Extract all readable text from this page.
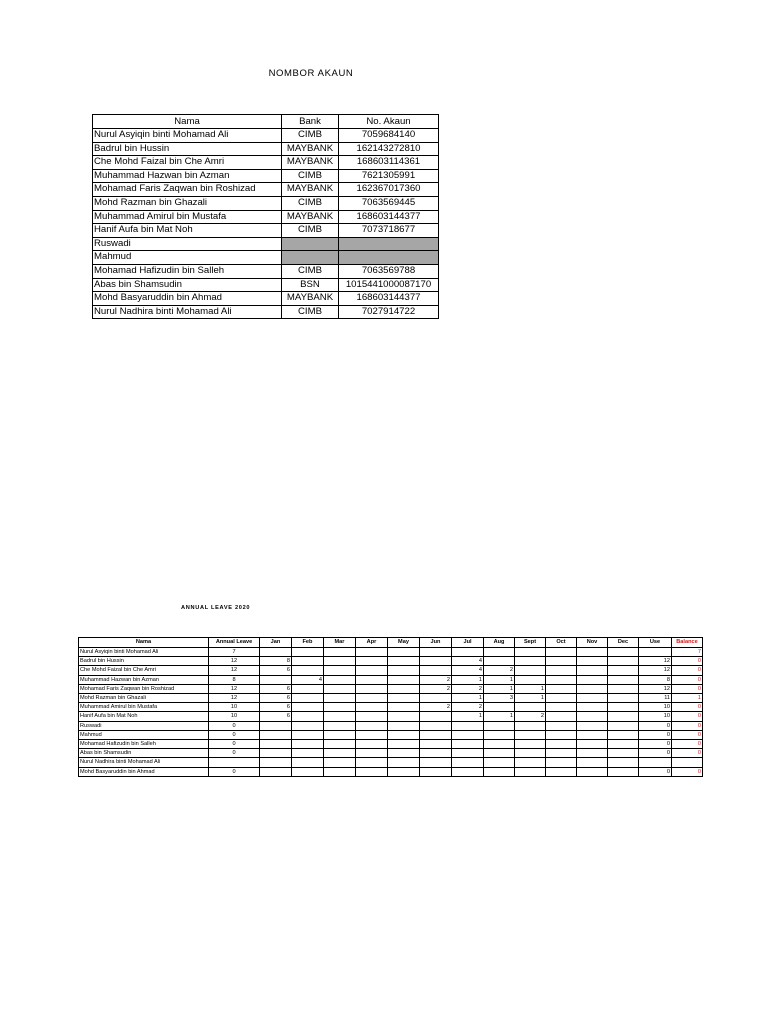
NOMBOR AKAUN
Nama	Bank	No. Akaun
Nurul Asyiqin binti Mohamad Ali	CIMB	7059684140
Badrul bin Hussin	MAYBANK	162143272810
Che Mohd Faizal bin Che Amri	MAYBANK	168603114361
Muhammad Hazwan bin Azman	CIMB	7621305991
Mohamad Faris Zaqwan bin Roshizad	MAYBANK	162367017360
Mohd Razman bin Ghazali	CIMB	7063569445
Muhammad Amirul bin Mustafa	MAYBANK	168603144377
Hanif Aufa bin Mat Noh	CIMB	7073718677
Ruswadi		
Mahmud		
Mohamad Hafizudin bin Salleh	CIMB	7063569788
Abas bin Shamsudin	BSN	1015441000087170
Mohd Basyaruddin bin Ahmad	MAYBANK	168603144377
Nurul Nadhira binti Mohamad Ali	CIMB	7027914722
ANNUAL LEAVE 2020
Nama	Annual Leave	Jan	Feb	Mar	Apr	May	Jun	Jul	Aug	Sept	Oct	Nov	Dec	Use	Balance
Nurul Asyiqin binti Mohamad Ali	7														7
Badrul bin Hussin	12	8						4						12	0
Che Mohd Faizal bin Che Amri	12	6						4	2					12	0
Muhammad Hazwan bin Azman	8		4				2	1	1					8	0
Mohamad Faris Zaqwan bin Roshizad	12	6					2	2	1	1				12	0
Mohd Razman bin Ghazali	12	6						1	3	1				11	1
Muhammad Amirul bin Mustafa	10	6					2	2						10	0
Hanif Aufa bin Mat Noh	10	6						1	1	2				10	0
Ruswadi	0													0	0
Mahmud	0													0	0
Mohamad Hafizudin bin Salleh	0													0	0
Abas bin Shamsudin	0													0	0
Nurul Nadhira binti Mohamad Ali															
Mohd Basyaruddin bin Ahmad	0													0	0
